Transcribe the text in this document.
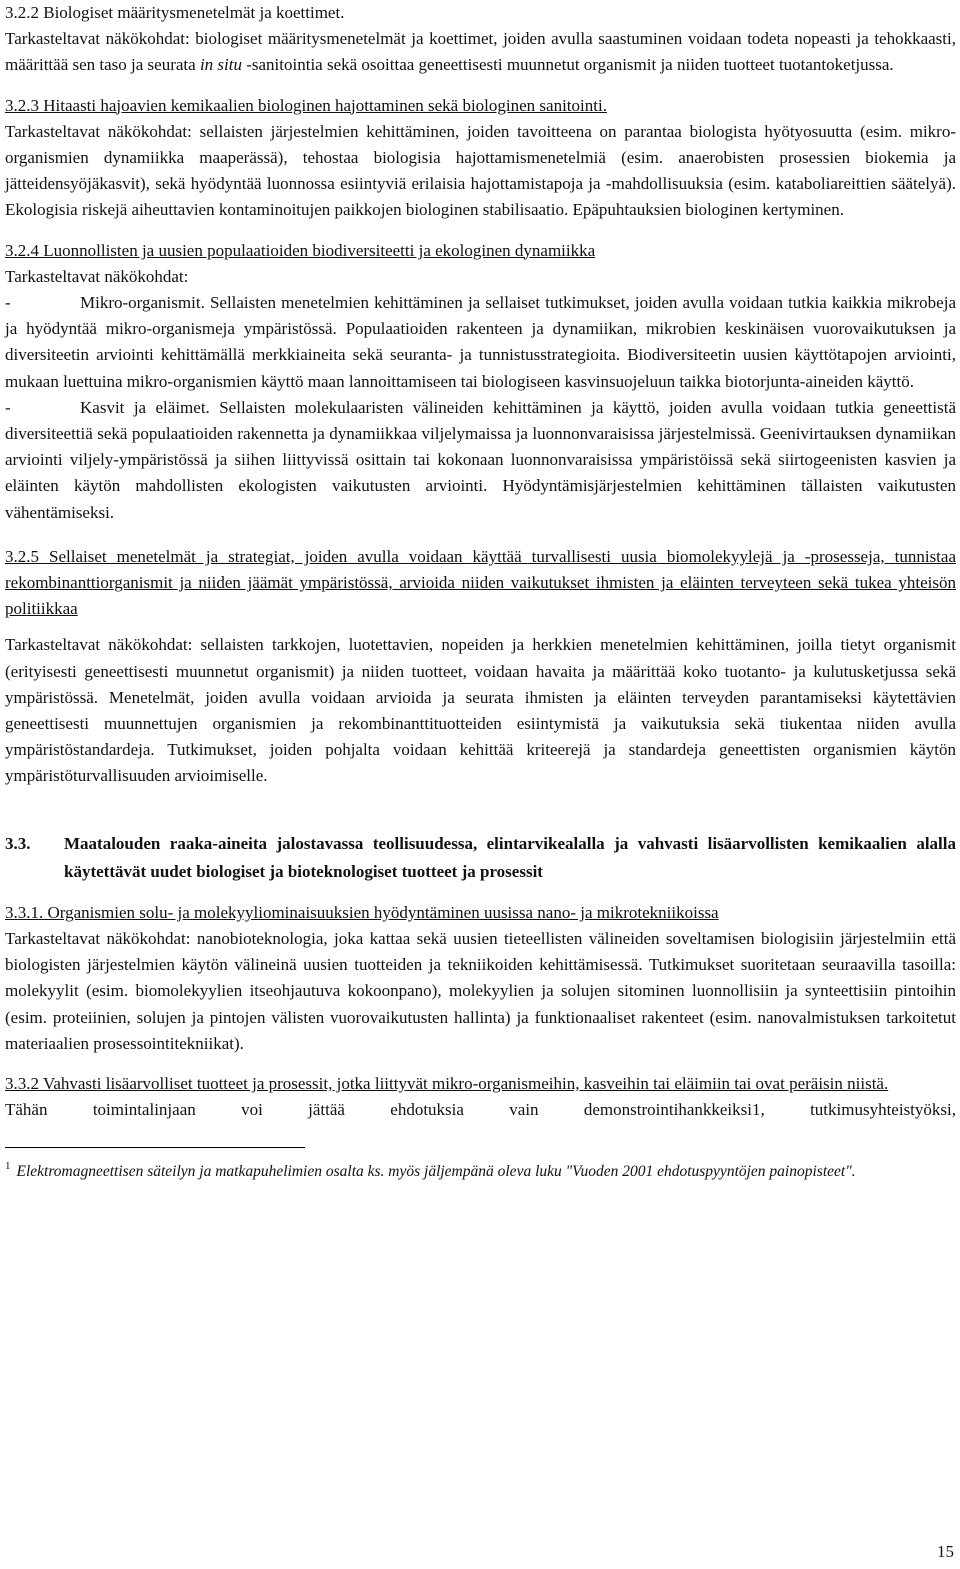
3.2.2 Biologiset määritysmenetelmät ja koettimet.

Tarkasteltavat näkökohdat: biologiset määritysmenetelmät ja koettimet, joiden avulla saastuminen voidaan todeta nopeasti ja tehokkaasti, määrittää sen taso ja seurata in situ -sanitointia sekä osoittaa geneettisesti muunnetut organismit ja niiden tuotteet tuotantoketjussa.

3.2.3 Hitaasti hajoavien kemikaalien biologinen hajottaminen sekä biologinen sanitointi.

Tarkasteltavat näkökohdat: sellaisten järjestelmien kehittäminen, joiden tavoitteena on parantaa biologista hyötyosuutta (esim. mikro-organismien dynamiikka maaperässä), tehostaa biologisia hajottamismenetelmiä (esim. anaerobisten prosessien biokemia ja jätteidensyöjäkasvit), sekä hyödyntää luonnossa esiintyviä erilaisia hajottamistapoja ja -mahdollisuuksia (esim. kataboliareittien säätelyä). Ekologisia riskejä aiheuttavien kontaminoitujen paikkojen biologinen stabilisaatio. Epäpuhtauksien biologinen kertyminen.

3.2.4 Luonnollisten ja uusien populaatioiden biodiversiteetti ja ekologinen dynamiikka

Tarkasteltavat näkökohdat:

-	Mikro-organismit. Sellaisten menetelmien kehittäminen ja sellaiset tutkimukset, joiden avulla voidaan tutkia kaikkia mikrobeja ja hyödyntää mikro-organismeja ympäristössä. Populaatioiden rakenteen ja dynamiikan, mikrobien keskinäisen vuorovaikutuksen ja diversiteetin arviointi kehittämällä merkkiaineita sekä seuranta- ja tunnistusstrategioita. Biodiversiteetin uusien käyttötapojen arviointi, mukaan luettuina mikro-organismien käyttö maan lannoittamiseen tai biologiseen kasvinsuojeluun taikka biotorjunta-aineiden käyttö.

-	Kasvit ja eläimet. Sellaisten molekulaaristen välineiden kehittäminen ja käyttö, joiden avulla voidaan tutkia geneettistä diversiteettiä sekä populaatioiden rakennetta ja dynamiikkaa viljelymaissa ja luonnonvaraisissa järjestelmissä. Geenivirtauksen dynamiikan arviointi viljely-ympäristössä ja siihen liittyvissä osittain tai kokonaan luonnonvaraisissa ympäristöissä sekä siirtogeenisten kasvien ja eläinten käytön mahdollisten ekologisten vaikutusten arviointi. Hyödyntämisjärjestelmien kehittäminen tällaisten vaikutusten vähentämiseksi.

3.2.5 Sellaiset menetelmät ja strategiat, joiden avulla voidaan käyttää turvallisesti uusia biomolekyylejä ja -prosesseja, tunnistaa rekombinanttiorganismit ja niiden jäämät ympäristössä, arvioida niiden vaikutukset ihmisten ja eläinten terveyteen sekä tukea yhteisön politiikkaa

Tarkasteltavat näkökohdat: sellaisten tarkkojen, luotettavien, nopeiden ja herkkien menetelmien kehittäminen, joilla tietyt organismit (erityisesti geneettisesti muunnetut organismit) ja niiden tuotteet, voidaan havaita ja määrittää koko tuotanto- ja kulutusketjussa sekä ympäristössä. Menetelmät, joiden avulla voidaan arvioida ja seurata ihmisten ja eläinten terveyden parantamiseksi käytettävien geneettisesti muunnettujen organismien ja rekombinanttituotteiden esiintymistä ja vaikutuksia sekä tiukentaa niiden avulla ympäristöstandardeja. Tutkimukset, joiden pohjalta voidaan kehittää kriteerejä ja standardeja geneettisten organismien käytön ympäristöturvallisuuden arvioimiselle.

3.3.	Maatalouden raaka-aineita jalostavassa teollisuudessa, elintarvikealalla ja vahvasti lisäarvollisten kemikaalien alalla käytettävät uudet biologiset ja bioteknologiset tuotteet ja prosessit

3.3.1. Organismien solu- ja molekyyliominaisuuksien hyödyntäminen uusissa nano- ja mikrotekniikoissa

Tarkasteltavat näkökohdat: nanobioteknologia, joka kattaa sekä uusien tieteellisten välineiden soveltamisen biologisiin järjestelmiin että biologisten järjestelmien käytön välineinä uusien tuotteiden ja tekniikoiden kehittämisessä. Tutkimukset suoritetaan seuraavilla tasoilla: molekyylit (esim. biomolekyylien itseohjautuva kokoonpano), molekyylien ja solujen sitominen luonnollisiin ja synteettisiin pintoihin (esim. proteiinien, solujen ja pintojen välisten vuorovaikutusten hallinta) ja funktionaaliset rakenteet (esim. nanovalmistuksen tarkoitetut materiaalien prosessointitekniikat).

3.3.2 Vahvasti lisäarvolliset tuotteet ja prosessit, jotka liittyvät mikro-organismeihin, kasveihin tai eläimiin tai ovat peräisin niistä.

Tähän toimintalinjaan voi jättää ehdotuksia vain demonstrointihankkeiksi1, tutkimusyhteistyöksi,

$^1$ Elektromagneettisen säteilyn ja matkapuhelimien osalta ks. myös jäljempänä oleva luku "Vuoden 2001 ehdotuspyyntöjen painopisteet".

15
